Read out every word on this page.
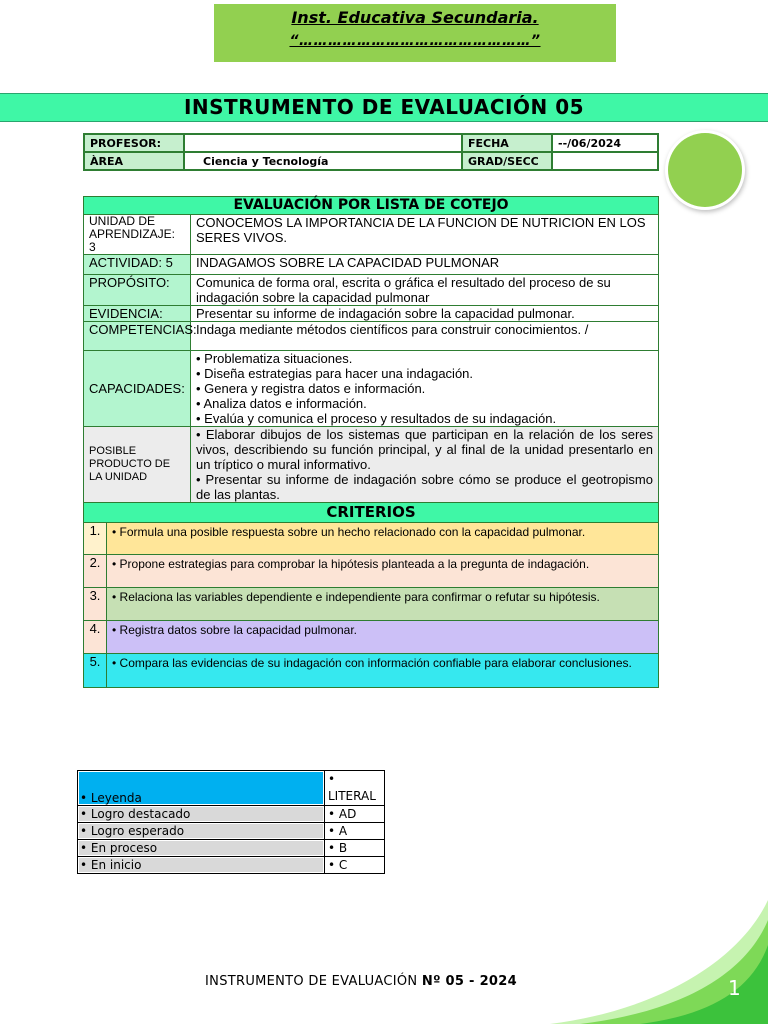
Inst. Educativa Secundaria.
“…………………………………………”
INSTRUMENTO DE EVALUACIÓN 05
PROFESOR:		FECHA	--/06/2024
ÀREA	Ciencia y Tecnología	GRAD/SECC	
EVALUACIÓN POR LISTA DE COTEJO		
UNIDAD DE APRENDIZAJE: 3		CONOCEMOS LA IMPORTANCIA DE LA FUNCION DE NUTRICION EN LOS SERES VIVOS.
ACTIVIDAD: 5		INDAGAMOS SOBRE LA CAPACIDAD PULMONAR
PROPÓSITO:		Comunica de forma oral, escrita o gráfica el resultado del proceso de su indagación sobre la capacidad pulmonar
EVIDENCIA:		Presentar su informe de indagación sobre la capacidad pulmonar.
COMPETENCIAS:		Indaga mediante métodos científicos para construir conocimientos. /
CAPACIDADES:		• Problematiza situaciones.
• Diseña estrategias para hacer una indagación.
• Genera y registra datos e información.
• Analiza datos e información.
• Evalúa y comunica el proceso y resultados de su indagación.

POSIBLE PRODUCTO DE LA UNIDAD		• Elaborar dibujos de los sistemas que participan en la relación de los seres vivos, describiendo su función principal, y al final de la unidad presentarlo en un tríptico o mural informativo.
• Presentar su informe de indagación sobre cómo se produce el geotropismo de las plantas.

CRITERIOS		
1.	• Formula una posible respuesta sobre un hecho relacionado con la capacidad pulmonar.	
2.	• Propone estrategias para comprobar la hipótesis planteada a la pregunta de indagación.	
3.	• Relaciona las variables dependiente e independiente para confirmar o refutar su hipótesis.	
4.	• Registra datos sobre la capacidad pulmonar.	
5.	• Compara las evidencias de su indagación con información confiable para elaborar conclusiones.	
• Leyenda	• LITERAL
• Logro destacado	• AD
• Logro esperado	• A
• En proceso	• B
• En inicio	• C
INSTRUMENTO DE EVALUACIÓN Nº 05 - 2024	1
